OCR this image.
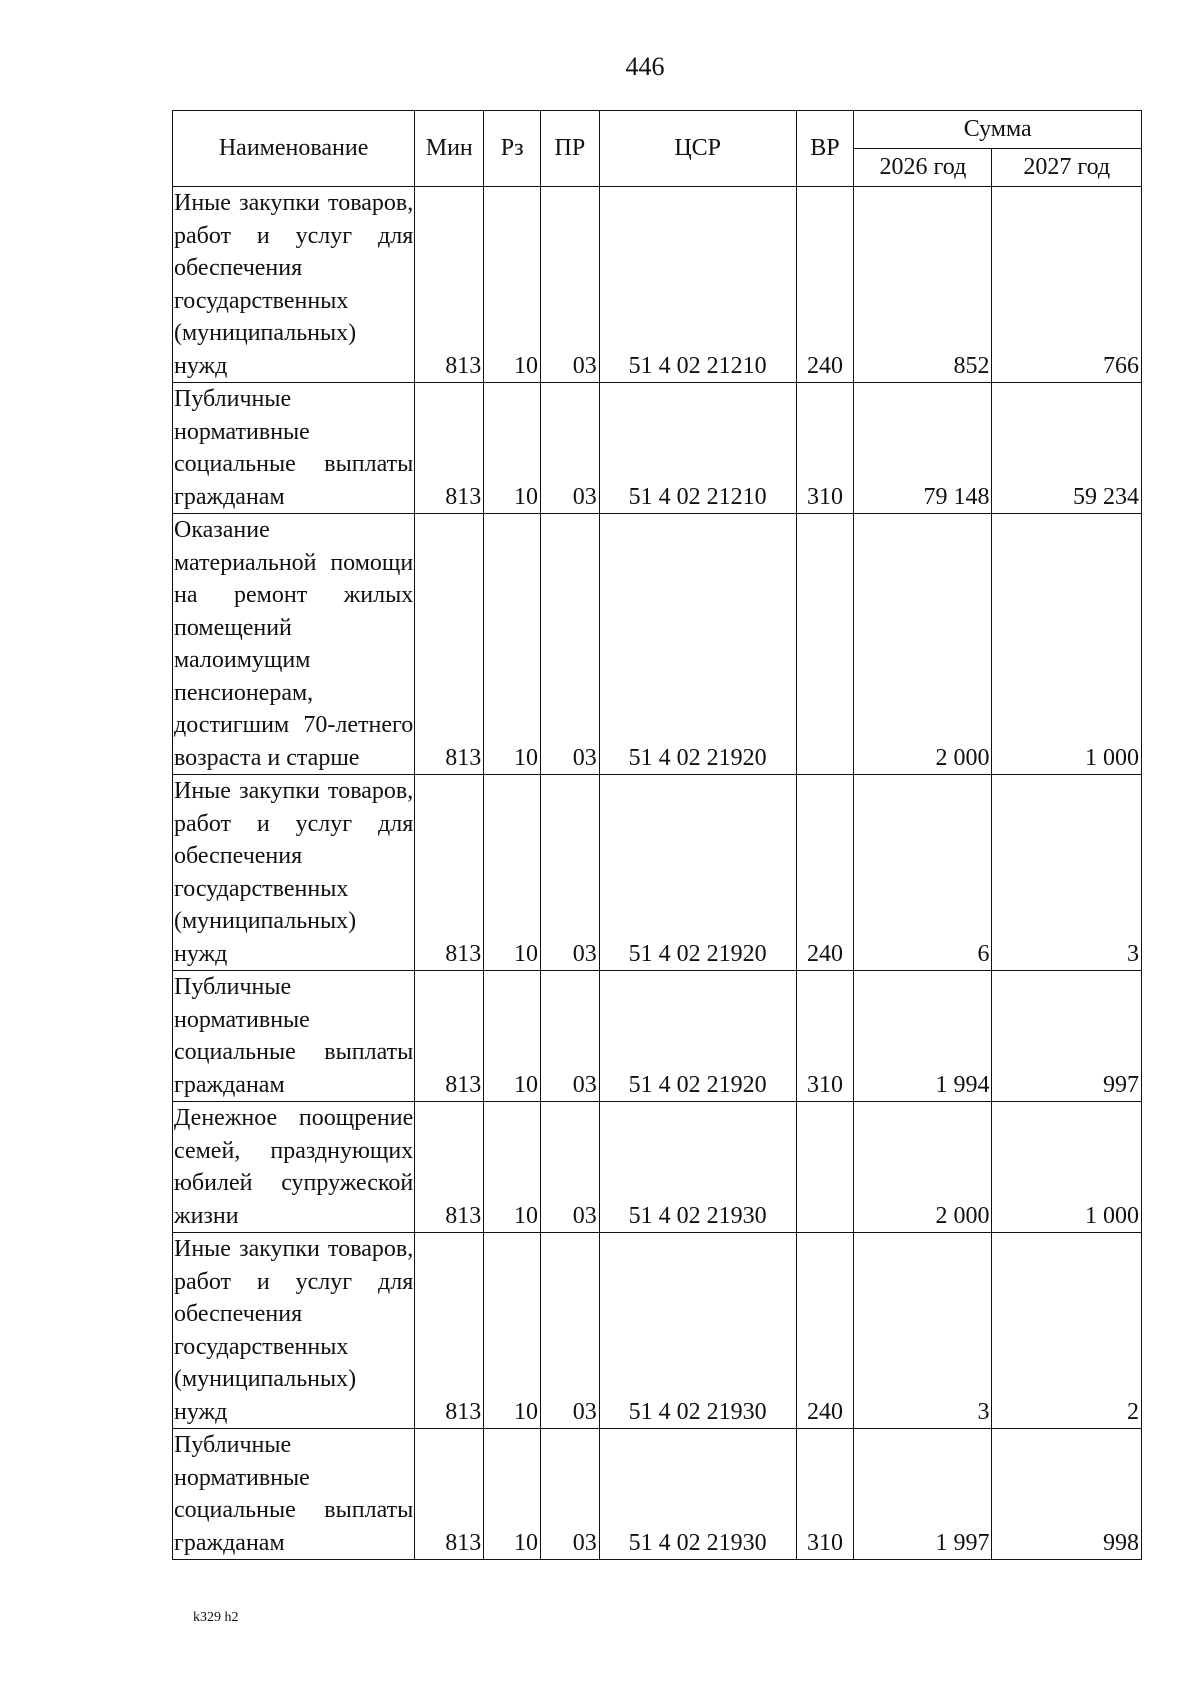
446
Наименование	Мин	Рз	ПР	ЦСР	ВР	Сумма	
						2026 год	2027 год
Иные закупки товаров, работ и услуг для обеспечения государственных (муниципальных) нужд	813	10	03	51 4 02 21210	240	852	766
Публичные нормативные социальные выплаты гражданам	813	10	03	51 4 02 21210	310	79 148	59 234
Оказание материальной помощи на ремонт жилых помещений малоимущим пенсионерам, достигшим 70-летнего возраста и старше	813	10	03	51 4 02 21920		2 000	1 000
Иные закупки товаров, работ и услуг для обеспечения государственных (муниципальных) нужд	813	10	03	51 4 02 21920	240	6	3
Публичные нормативные социальные выплаты гражданам	813	10	03	51 4 02 21920	310	1 994	997
Денежное поощрение семей, празднующих юбилей супружеской жизни	813	10	03	51 4 02 21930		2 000	1 000
Иные закупки товаров, работ и услуг для обеспечения государственных (муниципальных) нужд	813	10	03	51 4 02 21930	240	3	2
Публичные нормативные социальные выплаты гражданам	813	10	03	51 4 02 21930	310	1 997	998
k329 h2
